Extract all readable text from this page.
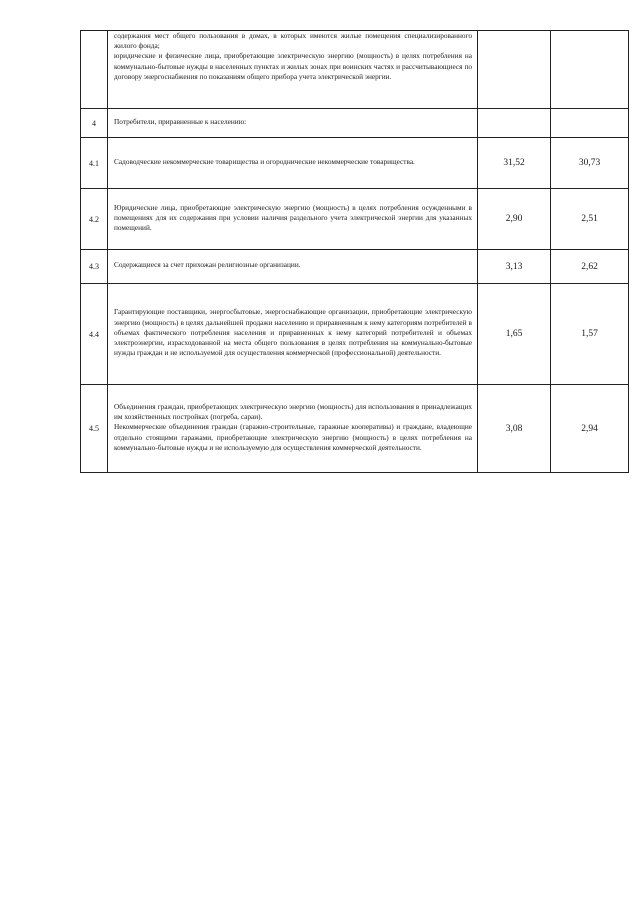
	содержания мест общего пользования в домах, в которых имеются жилые помещения специализированного жилого фонда;
юридические и физические лица, приобретающие электрическую энергию (мощность) в целях потребления на коммунально-бытовые нужды в населенных пунктах и жилых зонах при воинских частях и рассчитывающиеся по договору энергоснабжения по показаниям общего прибора учета электрической энергии.		

4	Потребители, приравненные к населению:		

4.1	Садоводческие некоммерческие товарищества и огороднические некоммерческие товарищества.	31,52	30,73
4.2	Юридические лица, приобретающие электрическую энергию (мощность) в целях потребления осужденными в помещениях для их содержания при условии наличия раздельного учета электрической энергии для указанных помещений.	2,90	2,51
4.3	Содержащиеся за счет прихожан религиозные организации.	3,13	2,62
4.4	Гарантирующие поставщики, энергосбытовые, энергоснабжающие организации, приобретающие электрическую энергию (мощность) в целях дальнейшей продажи населению и приравненным к нему категориям потребителей в объемах фактического потребления населения и приравненных к нему категорий потребителей и объемах электроэнергии, израсходованной на места общего пользования в целях потребления на коммунально-бытовые нужды граждан и не используемой для осуществления коммерческой (профессиональной) деятельности.	1,65	1,57
4.5	Объединения граждан, приобретающих электрическую энергию (мощность) для использования в принадлежащих им хозяйственных постройках (погреба, сараи).
Некоммерческие объединения граждан (гаражно-строительные, гаражные кооперативы) и граждане, владеющие отдельно стоящими гаражами, приобретающие электрическую энергию (мощность) в целях потребления на коммунально-бытовые нужды и не используемую для осуществления коммерческой деятельности.	3,08	2,94
